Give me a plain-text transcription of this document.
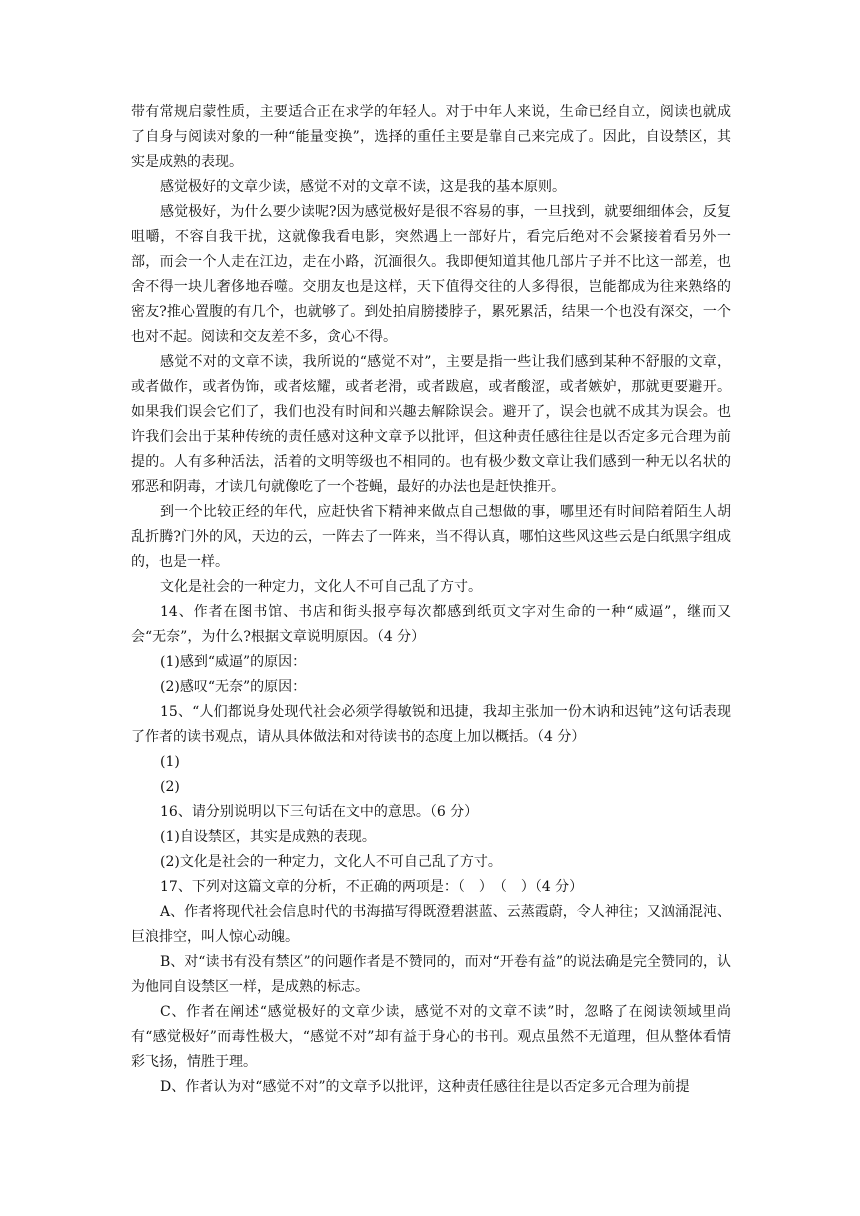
带有常规启蒙性质，主要适合正在求学的年轻人。对于中年人来说，生命已经自立，阅读也就成了自身与阅读对象的一种“能量变换”，选择的重任主要是靠自己来完成了。因此，自设禁区，其实是成熟的表现。

感觉极好的文章少读，感觉不对的文章不读，这是我的基本原则。

感觉极好，为什么要少读呢?因为感觉极好是很不容易的事，一旦找到，就要细细体会，反复咀嚼，不容自我干扰，这就像我看电影，突然遇上一部好片，看完后绝对不会紧接着看另外一部，而会一个人走在江边，走在小路，沉湎很久。我即便知道其他几部片子并不比这一部差，也舍不得一块儿奢侈地吞噬。交朋友也是这样，天下值得交往的人多得很，岂能都成为往来熟络的密友?推心置腹的有几个，也就够了。到处拍肩膀搂脖子，累死累活，结果一个也没有深交，一个也对不起。阅读和交友差不多，贪心不得。

感觉不对的文章不读，我所说的“感觉不对”，主要是指一些让我们感到某种不舒服的文章，或者做作，或者伪饰，或者炫耀，或者老滑，或者跋扈，或者酸涩，或者嫉妒，那就更要避开。如果我们误会它们了，我们也没有时间和兴趣去解除误会。避开了，误会也就不成其为误会。也许我们会出于某种传统的责任感对这种文章予以批评，但这种责任感往往是以否定多元合理为前提的。人有多种活法，活着的文明等级也不相同的。也有极少数文章让我们感到一种无以名状的邪恶和阴毒，才读几句就像吃了一个苍蝇，最好的办法也是赶快推开。

到一个比较正经的年代，应赶快省下精神来做点自己想做的事，哪里还有时间陪着陌生人胡乱折腾?门外的风，天边的云，一阵去了一阵来，当不得认真，哪怕这些风这些云是白纸黑字组成的，也是一样。

文化是社会的一种定力，文化人不可自己乱了方寸。

14、作者在图书馆、书店和街头报亭每次都感到纸页文字对生命的一种“威逼”，继而又会“无奈”，为什么?根据文章说明原因。（4 分）

(1)感到“威逼”的原因：

(2)感叹“无奈”的原因：

15、“人们都说身处现代社会必须学得敏锐和迅捷，我却主张加一份木讷和迟钝”这句话表现了作者的读书观点，请从具体做法和对待读书的态度上加以概括。（4 分）

(1)

(2)

16、请分别说明以下三句话在文中的意思。（6 分）

(1)自设禁区，其实是成熟的表现。

(2)文化是社会的一种定力，文化人不可自己乱了方寸。

17、下列对这篇文章的分析，不正确的两项是：（　）　（　）（4 分）

A、作者将现代社会信息时代的书海描写得既澄碧湛蓝、云蒸霞蔚，令人神往；又汹涌混沌、巨浪排空，叫人惊心动魄。

B、对“读书有没有禁区”的问题作者是不赞同的，而对“开卷有益”的说法确是完全赞同的，认为他同自设禁区一样，是成熟的标志。

C、作者在阐述“感觉极好的文章少读，感觉不对的文章不读”时，忽略了在阅读领域里尚有“感觉极好”而毒性极大，“感觉不对”却有益于身心的书刊。观点虽然不无道理，但从整体看情彩飞扬，情胜于理。

D、作者认为对“感觉不对”的文章予以批评，这种责任感往往是以否定多元合理为前提
